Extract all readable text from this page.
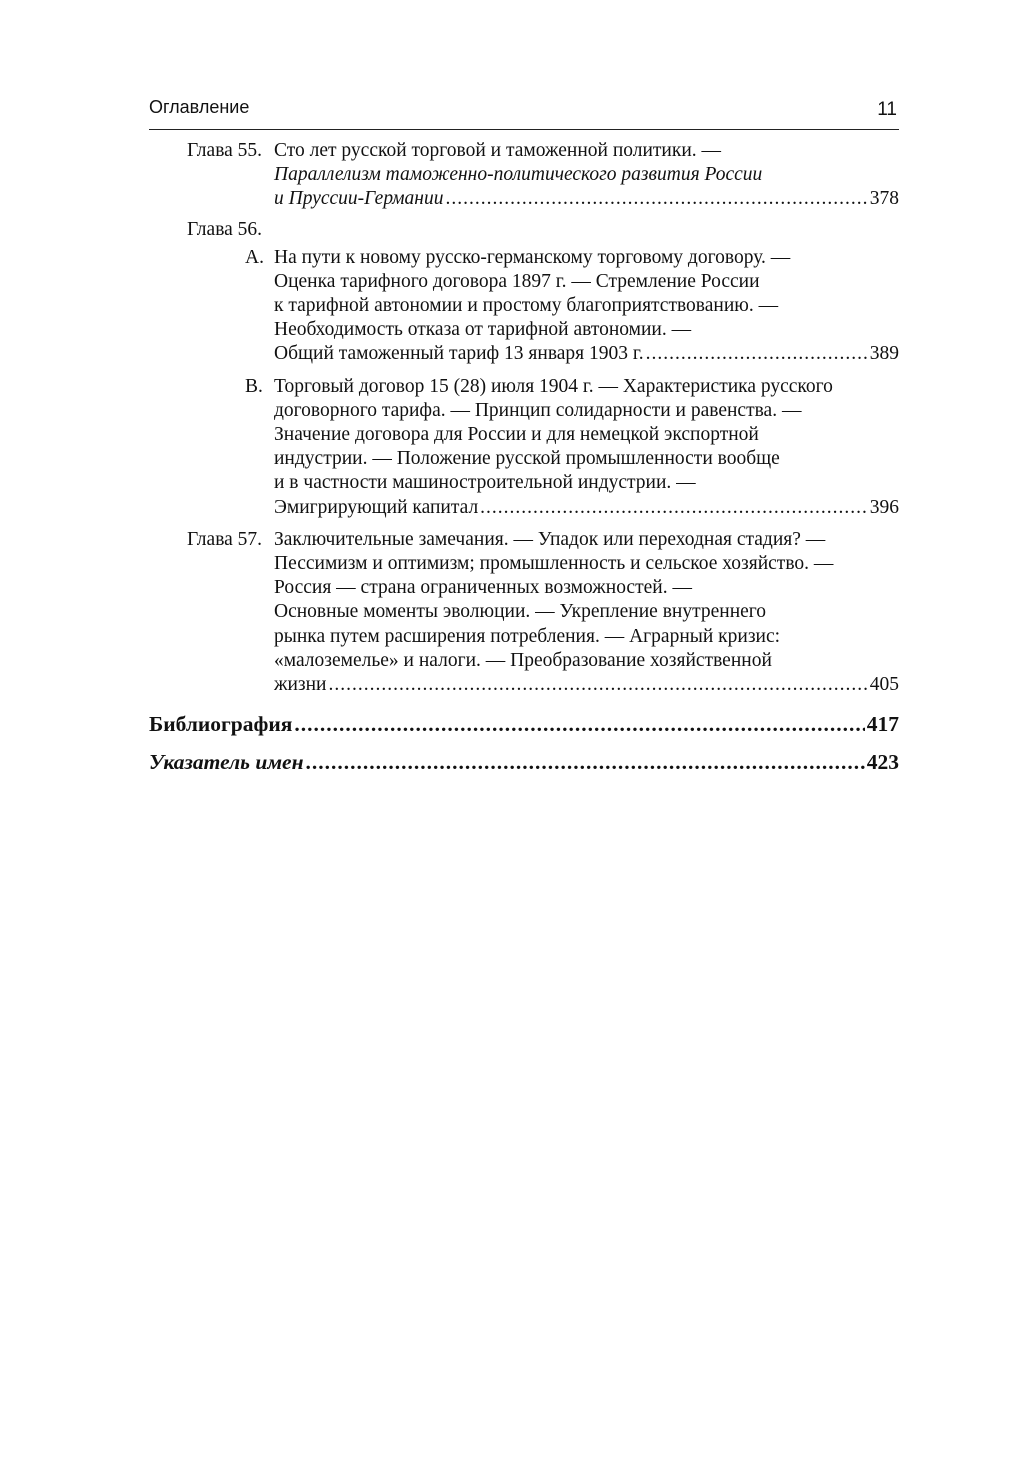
Оглавление	11
Глава 55. Сто лет русской торговой и таможенной политики. —
Параллелизм таможенно-политического развития России
и Пруссии-Германии .....	378
Глава 56.
А. На пути к новому русско-германскому торговому договору. —
Оценка тарифного договора 1897 г. — Стремление России
к тарифной автономии и простому благоприятствованию. —
Необходимость отказа от тарифной автономии. —
Общий таможенный тариф 13 января 1903 г. .....	389
B. Торговый договор 15 (28) июля 1904 г. — Характеристика русского
договорного тарифа. — Принцип солидарности и равенства. —
Значение договора для России и для немецкой экспортной
индустрии. — Положение русской промышленности вообще
и в частности машиностроительной индустрии. —
Эмигрирующий капитал .....	396
Глава 57. Заключительные замечания. — Упадок или переходная стадия? —
Пессимизм и оптимизм; промышленность и сельское хозяйство. —
Россия — страна ограниченных возможностей. —
Основные моменты эволюции. — Укрепление внутреннего
рынка путем расширения потребления. — Аграрный кризис:
«малоземелье» и налоги. — Преобразование хозяйственной
жизни .....	405
Библиография .....	417
Указатель имен .....	423
